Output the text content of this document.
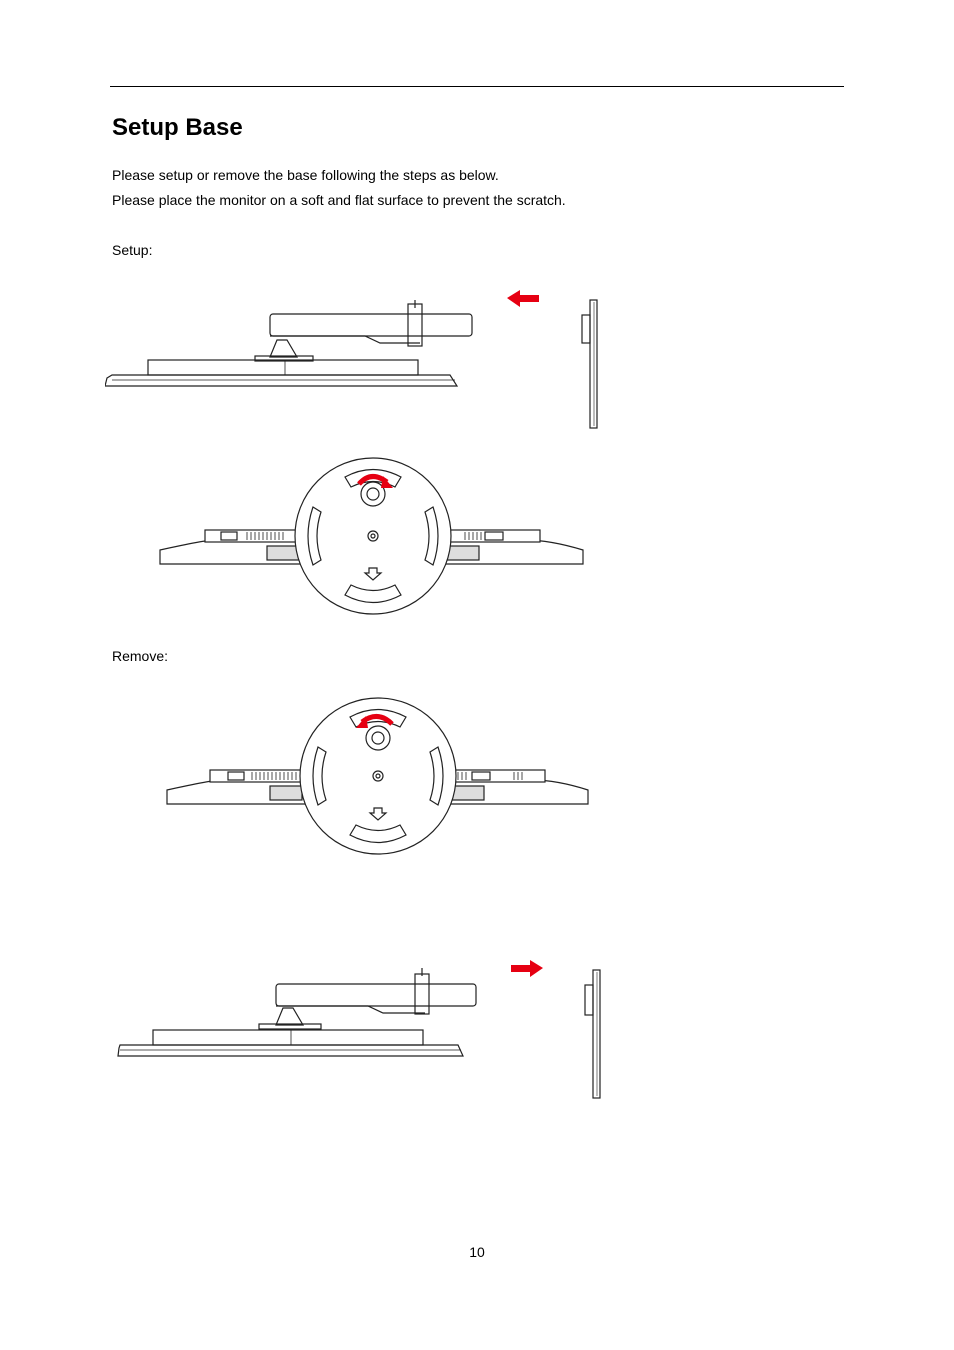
Setup Base

Please setup or remove the base following the steps as below.

Please place the monitor on a soft and flat surface to prevent the scratch.

Setup:

Remove:

10
